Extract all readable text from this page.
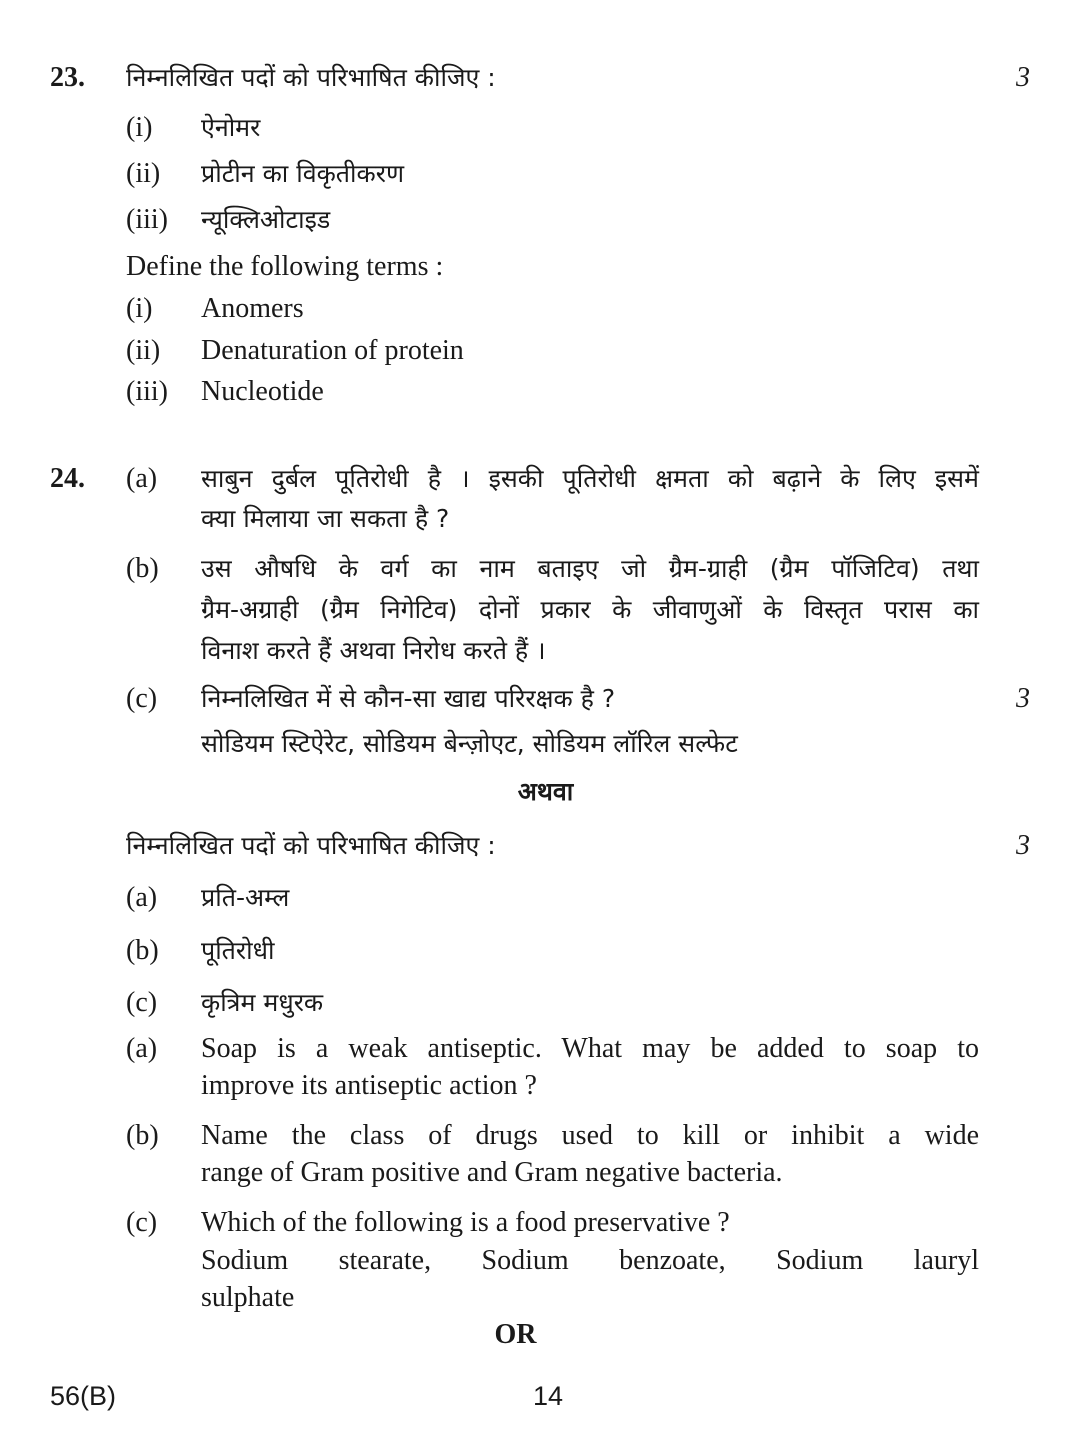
23. निम्नलिखित पदों को परिभाषित कीजिए :	3
(i) ऐनोमर
(ii) प्रोटीन का विकृतीकरण
(iii) न्यूक्लिओटाइड
Define the following terms :
(i) Anomers
(ii) Denaturation of protein
(iii) Nucleotide
24. (a) साबुन दुर्बल पूतिरोधी है । इसकी पूतिरोधी क्षमता को बढ़ाने के लिए इसमें
क्या मिलाया जा सकता है ?
(b) उस औषधि के वर्ग का नाम बताइए जो ग्रैम-ग्राही (ग्रैम पॉजिटिव) तथा
ग्रैम-अग्राही (ग्रैम निगेटिव) दोनों प्रकार के जीवाणुओं के विस्तृत परास का
विनाश करते हैं अथवा निरोध करते हैं ।
(c) निम्नलिखित में से कौन-सा खाद्य परिरक्षक है ?	3
सोडियम स्टिऐरेट, सोडियम बेन्ज़ोएट, सोडियम लॉरिल सल्फेट
अथवा
निम्नलिखित पदों को परिभाषित कीजिए :	3
(a) प्रति-अम्ल
(b) पूतिरोधी
(c) कृत्रिम मधुरक
(a) Soap is a weak antiseptic. What may be added to soap to
improve its antiseptic action ?
(b) Name the class of drugs used to kill or inhibit a wide
range of Gram positive and Gram negative bacteria.
(c) Which of the following is a food preservative ?
Sodium stearate, Sodium benzoate, Sodium lauryl
sulphate
OR
56(B)	14
